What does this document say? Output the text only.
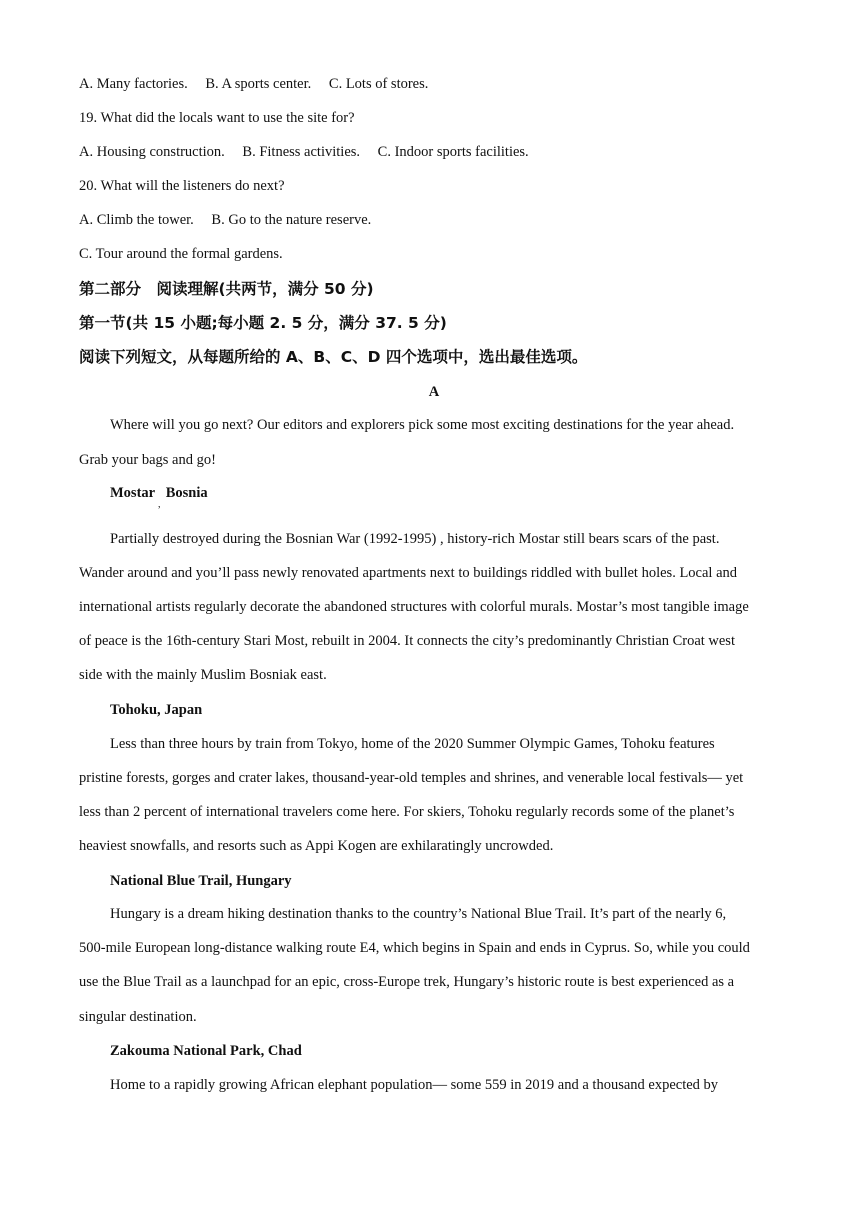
A. Many factories. B. A sports center. C. Lots of stores.
19. What did the locals want to use the site for?
A. Housing construction. B. Fitness activities. C. Indoor sports facilities.
20. What will the listeners do next?
A. Climb the tower. B. Go to the nature reserve.
C. Tour around the formal gardens.
第二部分　阅读理解(共两节，满分 50 分)
第一节(共 15 小题;每小题 2. 5 分，满分 37. 5 分)
阅读下列短文，从每题所给的 A、B、C、D 四个选项中，选出最佳选项。
A
Where will you go next? Our editors and explorers pick some most exciting destinations for the year ahead.
Grab your bags and go!
Mostar   Bosnia
,
Partially destroyed during the Bosnian War (1992-1995) , history-rich Mostar still bears scars of the past.
Wander around and you’ll pass newly renovated apartments next to buildings riddled with bullet holes. Local and
international artists regularly decorate the abandoned structures with colorful murals. Mostar’s most tangible image
of peace is the 16th-century Stari Most, rebuilt in 2004. It connects the city’s predominantly Christian Croat west
side with the mainly Muslim Bosniak east.
Tohoku, Japan
Less than three hours by train from Tokyo, home of the 2020 Summer Olympic Games, Tohoku features
pristine forests, gorges and crater lakes, thousand-year-old temples and shrines, and venerable local festivals— yet
less than 2 percent of international travelers come here. For skiers, Tohoku regularly records some of the planet’s
heaviest snowfalls, and resorts such as Appi Kogen are exhilaratingly uncrowded.
National Blue Trail, Hungary
Hungary is a dream hiking destination thanks to the country’s National Blue Trail. It’s part of the nearly 6,
500-mile European long-distance walking route E4, which begins in Spain and ends in Cyprus. So, while you could
use the Blue Trail as a launchpad for an epic, cross-Europe trek, Hungary’s historic route is best experienced as a
singular destination.
Zakouma National Park, Chad
Home to a rapidly growing African elephant population— some 559 in 2019 and a thousand expected by
